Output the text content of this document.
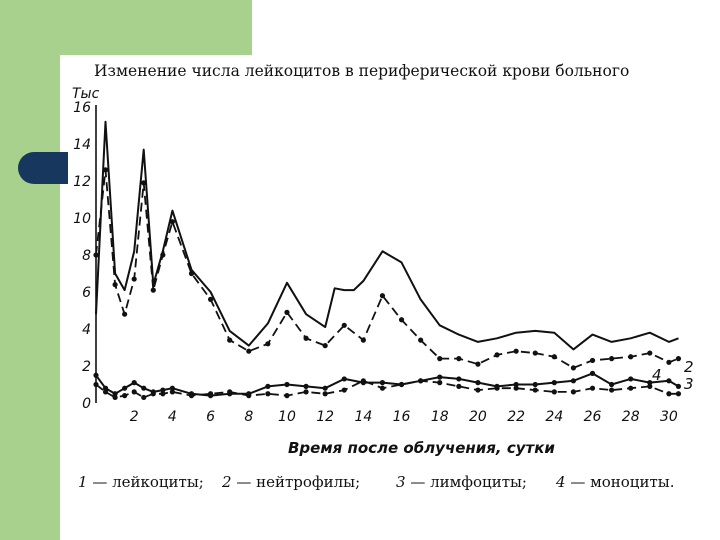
Изменение числа лейкоцитов в периферической крови больного
Тыс
0
2
4
6
8
10
12
14
16
2 4 6 8 10 12 14 16 18 20 22 24 26 28 30
4 2
3
Время после облучения, сутки
1 — лейкоциты; 2 — нейтрофилы; 3 — лимфоциты; 4 — моноциты.
